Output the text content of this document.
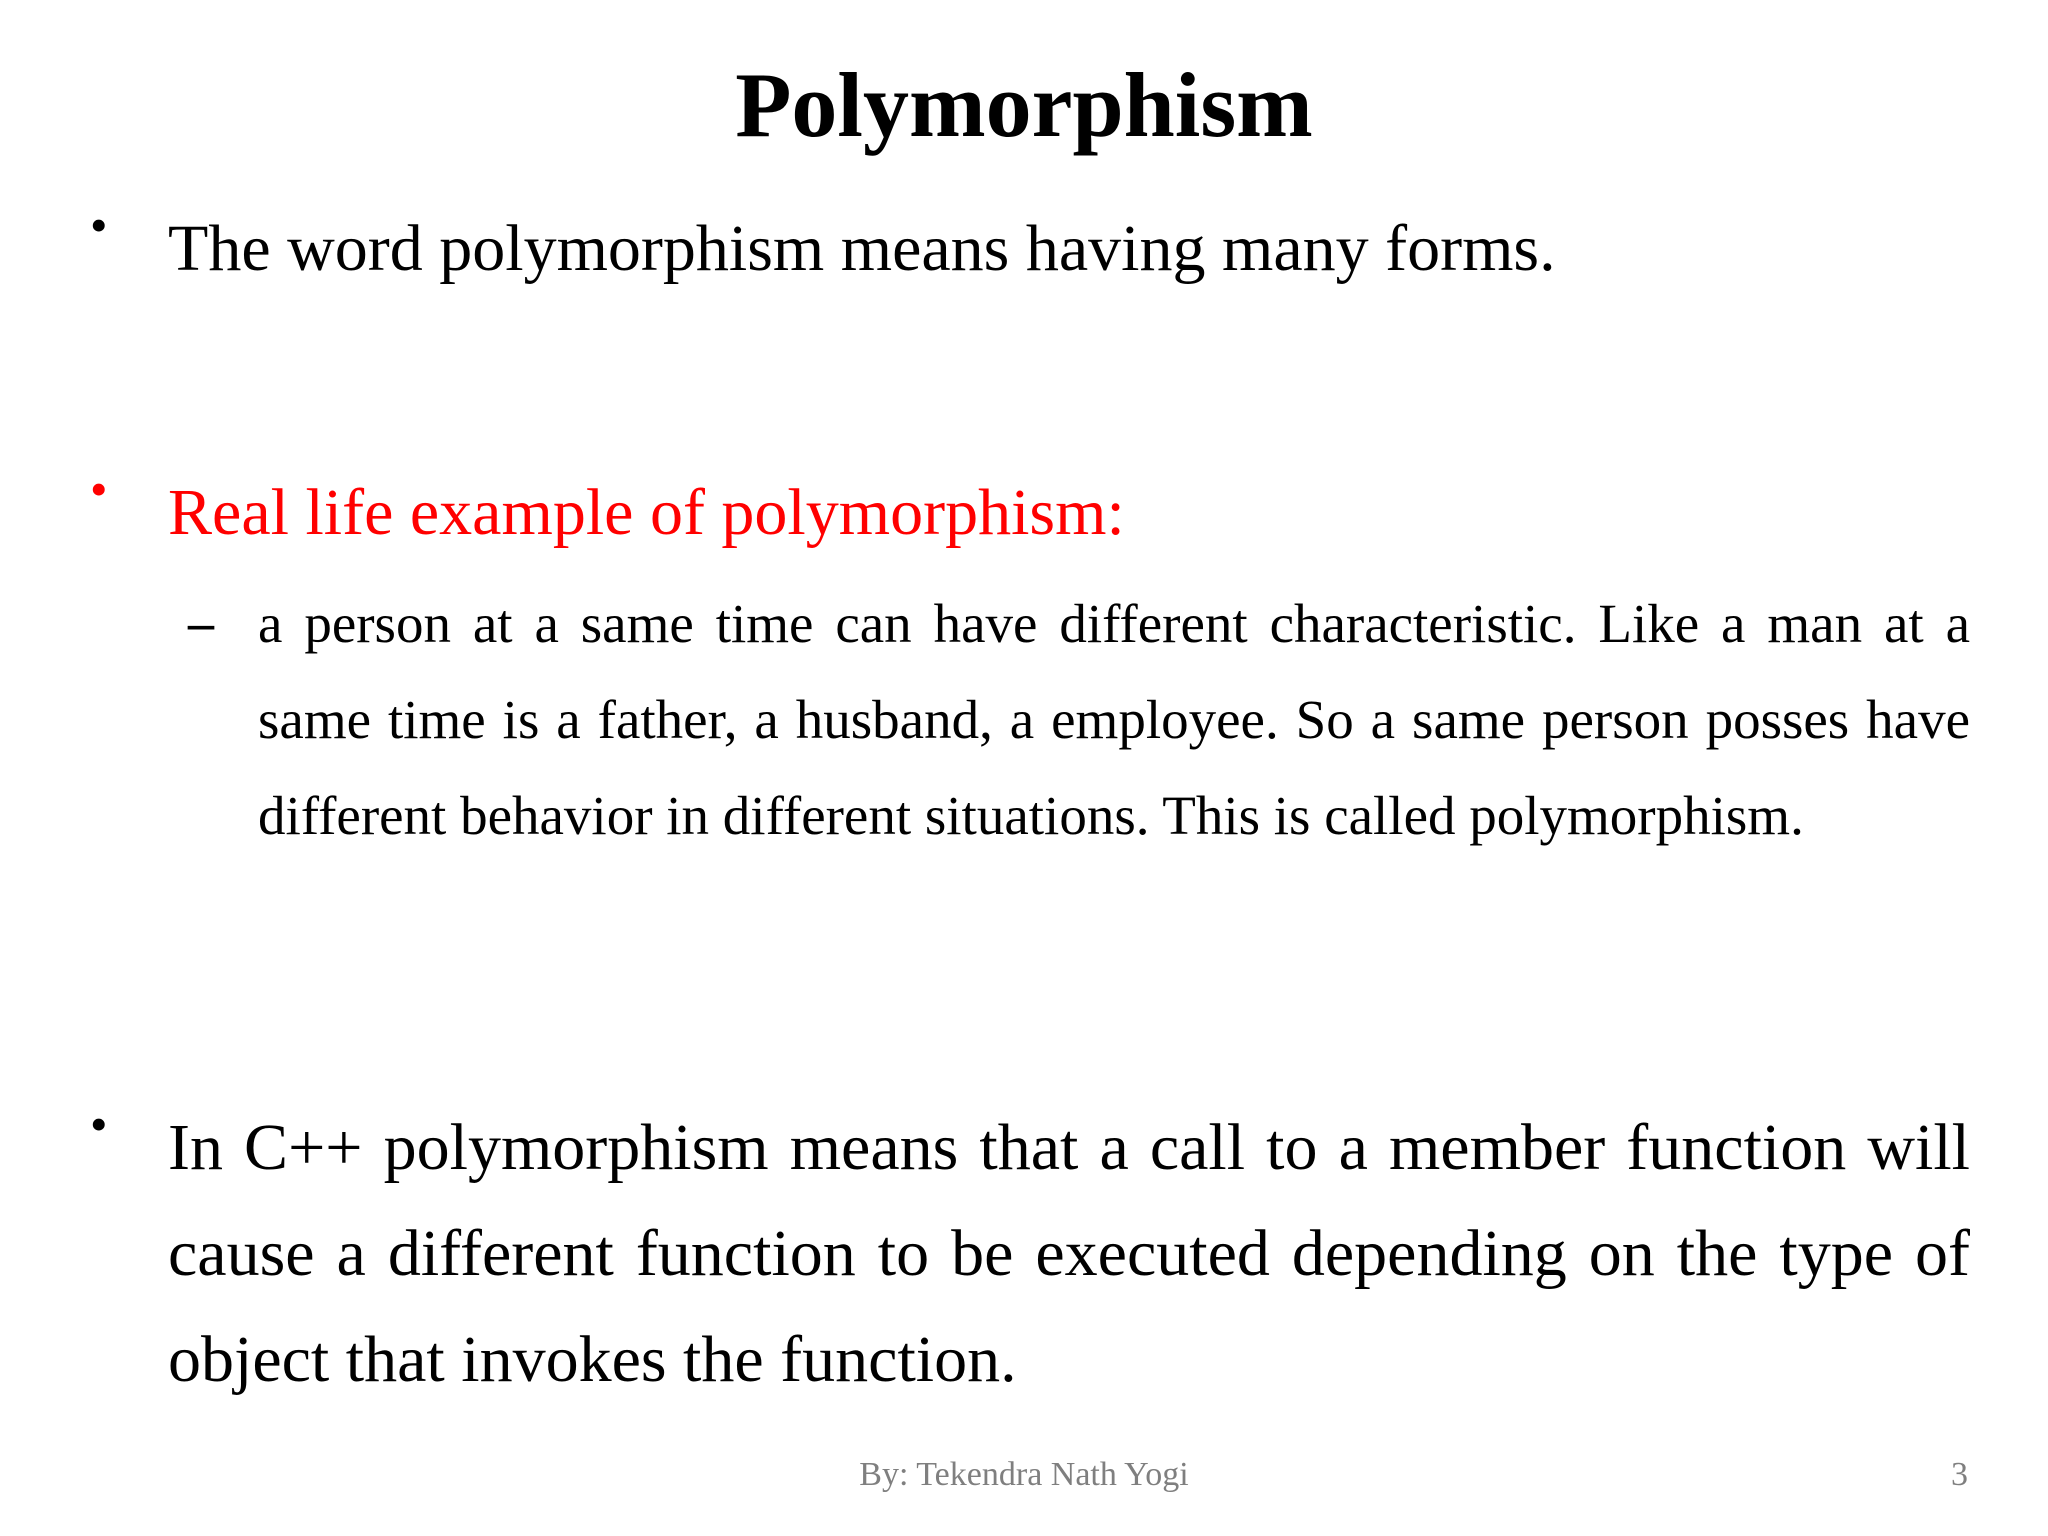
Polymorphism
• The word polymorphism means having many forms.
• Real life example of polymorphism:
– a person at a same time can have different characteristic. Like a man at a same time is a father, a husband, a employee. So a same person posses have different behavior in different situations. This is called polymorphism.

• In C++ polymorphism means that a call to a member function will cause a different function to be executed depending on the type of object that invokes the function.
By: Tekendra Nath Yogi	3
